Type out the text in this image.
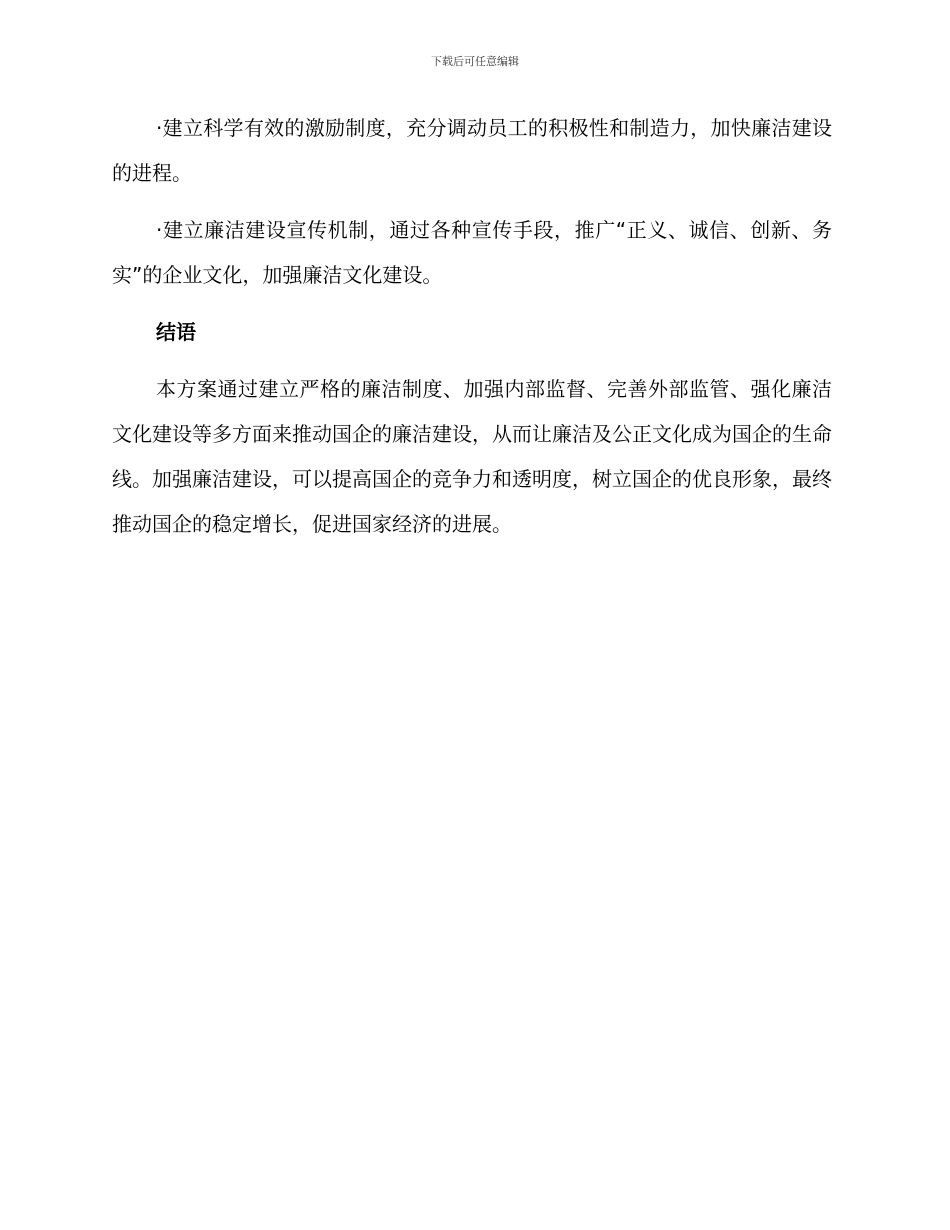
下载后可任意编辑

·建立科学有效的激励制度，充分调动员工的积极性和制造力，加快廉洁建设的进程。

·建立廉洁建设宣传机制，通过各种宣传手段，推广“正义、诚信、创新、务实”的企业文化，加强廉洁文化建设。

结语

本方案通过建立严格的廉洁制度、加强内部监督、完善外部监管、强化廉洁文化建设等多方面来推动国企的廉洁建设，从而让廉洁及公正文化成为国企的生命线。加强廉洁建设，可以提高国企的竞争力和透明度，树立国企的优良形象，最终推动国企的稳定增长，促进国家经济的进展。
